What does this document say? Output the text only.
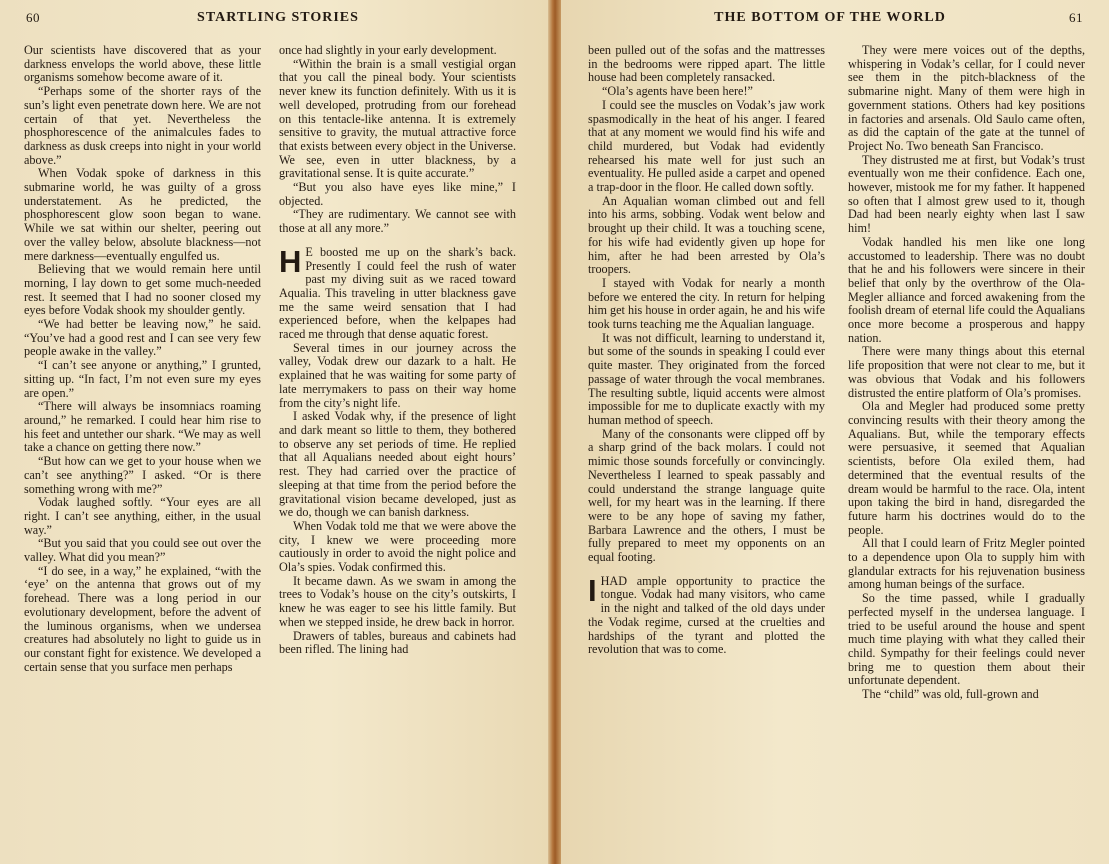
60	STARTLING STORIES

Our scientists have discovered that as your darkness envelops the world above, these little organisms somehow become aware of it.

“Perhaps some of the shorter rays of the sun’s light even penetrate down here. We are not certain of that yet. Nevertheless the phosphorescence of the animalcules fades to darkness as dusk creeps into night in your world above.”

When Vodak spoke of darkness in this submarine world, he was guilty of a gross understatement. As he predicted, the phosphorescent glow soon began to wane. While we sat within our shelter, peering out over the valley below, absolute blackness—not mere darkness—eventually engulfed us.

Believing that we would remain here until morning, I lay down to get some much-needed rest. It seemed that I had no sooner closed my eyes before Vodak shook my shoulder gently.

“We had better be leaving now,” he said. “You’ve had a good rest and I can see very few people awake in the valley.”

“I can’t see anyone or anything,” I grunted, sitting up. “In fact, I’m not even sure my eyes are open.”

“There will always be insomniacs roaming around,” he remarked. I could hear him rise to his feet and untether our shark. “We may as well take a chance on getting there now.”

“But how can we get to your house when we can’t see anything?” I asked. “Or is there something wrong with me?”

Vodak laughed softly. “Your eyes are all right. I can’t see anything, either, in the usual way.”

“But you said that you could see out over the valley. What did you mean?”

“I do see, in a way,” he explained, “with the ‘eye’ on the antenna that grows out of my forehead. There was a long period in our evolutionary development, before the advent of the luminous organisms, when we undersea creatures had absolutely no light to guide us in our constant fight for existence. We developed a certain sense that you surface men perhaps

once had slightly in your early development.

“Within the brain is a small vestigial organ that you call the pineal body. Your scientists never knew its function definitely. With us it is well developed, protruding from our forehead on this tentacle-like antenna. It is extremely sensitive to gravity, the mutual attractive force that exists between every object in the Universe. We see, even in utter blackness, by a gravitational sense. It is quite accurate.”

“But you also have eyes like mine,” I objected.

“They are rudimentary. We cannot see with those at all any more.”

H E boosted me up on the shark’s back. Presently I could feel the rush of water past my diving suit as we raced toward Aqualia. This traveling in utter blackness gave me the same weird sensation that I had experienced before, when the kelpapes had raced me through that dense aquatic forest.

Several times in our journey across the valley, Vodak drew our dazark to a halt. He explained that he was waiting for some party of late merrymakers to pass on their way home from the city’s night life.

I asked Vodak why, if the presence of light and dark meant so little to them, they bothered to observe any set periods of time. He replied that all Aqualians needed about eight hours’ rest. They had carried over the practice of sleeping at that time from the period before the gravitational vision became developed, just as we do, though we can banish darkness.

When Vodak told me that we were above the city, I knew we were proceeding more cautiously in order to avoid the night police and Ola’s spies. Vodak confirmed this.

It became dawn. As we swam in among the trees to Vodak’s house on the city’s outskirts, I knew he was eager to see his little family. But when we stepped inside, he drew back in horror.

Drawers of tables, bureaus and cabinets had been rifled. The lining had

THE BOTTOM OF THE WORLD	61

been pulled out of the sofas and the mattresses in the bedrooms were ripped apart. The little house had been completely ransacked.

“Ola’s agents have been here!”

I could see the muscles on Vodak’s jaw work spasmodically in the heat of his anger. I feared that at any moment we would find his wife and child murdered, but Vodak had evidently rehearsed his mate well for just such an eventuality. He pulled aside a carpet and opened a trap-door in the floor. He called down softly.

An Aqualian woman climbed out and fell into his arms, sobbing. Vodak went below and brought up their child. It was a touching scene, for his wife had evidently given up hope for him, after he had been arrested by Ola’s troopers.

I stayed with Vodak for nearly a month before we entered the city. In return for helping him get his house in order again, he and his wife took turns teaching me the Aqualian language.

It was not difficult, learning to understand it, but some of the sounds in speaking I could ever quite master. They originated from the forced passage of water through the vocal membranes. The resulting subtle, liquid accents were almost impossible for me to duplicate exactly with my human method of speech.

Many of the consonants were clipped off by a sharp grind of the back molars. I could not mimic those sounds forcefully or convincingly. Nevertheless I learned to speak passably and could understand the strange language quite well, for my heart was in the learning. If there were to be any hope of saving my father, Barbara Lawrence and the others, I must be fully prepared to meet my opponents on an equal footing.

IHAD ample opportunity to practice the tongue. Vodak had many visitors, who came in the night and talked of the old days under the Vodak regime, cursed at the cruelties and hardships of the tyrant and plotted the revolution that was to come.

They were mere voices out of the depths, whispering in Vodak’s cellar, for I could never see them in the pitch-blackness of the submarine night. Many of them were high in government stations. Others had key positions in factories and arsenals. Old Saulo came often, as did the captain of the gate at the tunnel of Project No. Two beneath San Francisco.

They distrusted me at first, but Vodak’s trust eventually won me their confidence. Each one, however, mistook me for my father. It happened so often that I almost grew used to it, though Dad had been nearly eighty when last I saw him!

Vodak handled his men like one long accustomed to leadership. There was no doubt that he and his followers were sincere in their belief that only by the overthrow of the Ola-Megler alliance and forced awakening from the foolish dream of eternal life could the Aqualians once more become a prosperous and happy nation.

There were many things about this eternal life proposition that were not clear to me, but it was obvious that Vodak and his followers distrusted the entire platform of Ola’s promises.

Ola and Megler had produced some pretty convincing results with their theory among the Aqualians. But, while the temporary effects were persuasive, it seemed that Aqualian scientists, before Ola exiled them, had determined that the eventual results of the dream would be harmful to the race. Ola, intent upon taking the bird in hand, disregarded the future harm his doctrines would do to the people.

All that I could learn of Fritz Megler pointed to a dependence upon Ola to supply him with glandular extracts for his rejuvenation business among human beings of the surface.

So the time passed, while I gradually perfected myself in the undersea language. I tried to be useful around the house and spent much time playing with what they called their child. Sympathy for their feelings could never bring me to question them about their unfortunate dependent.

The “child” was old, full-grown and
